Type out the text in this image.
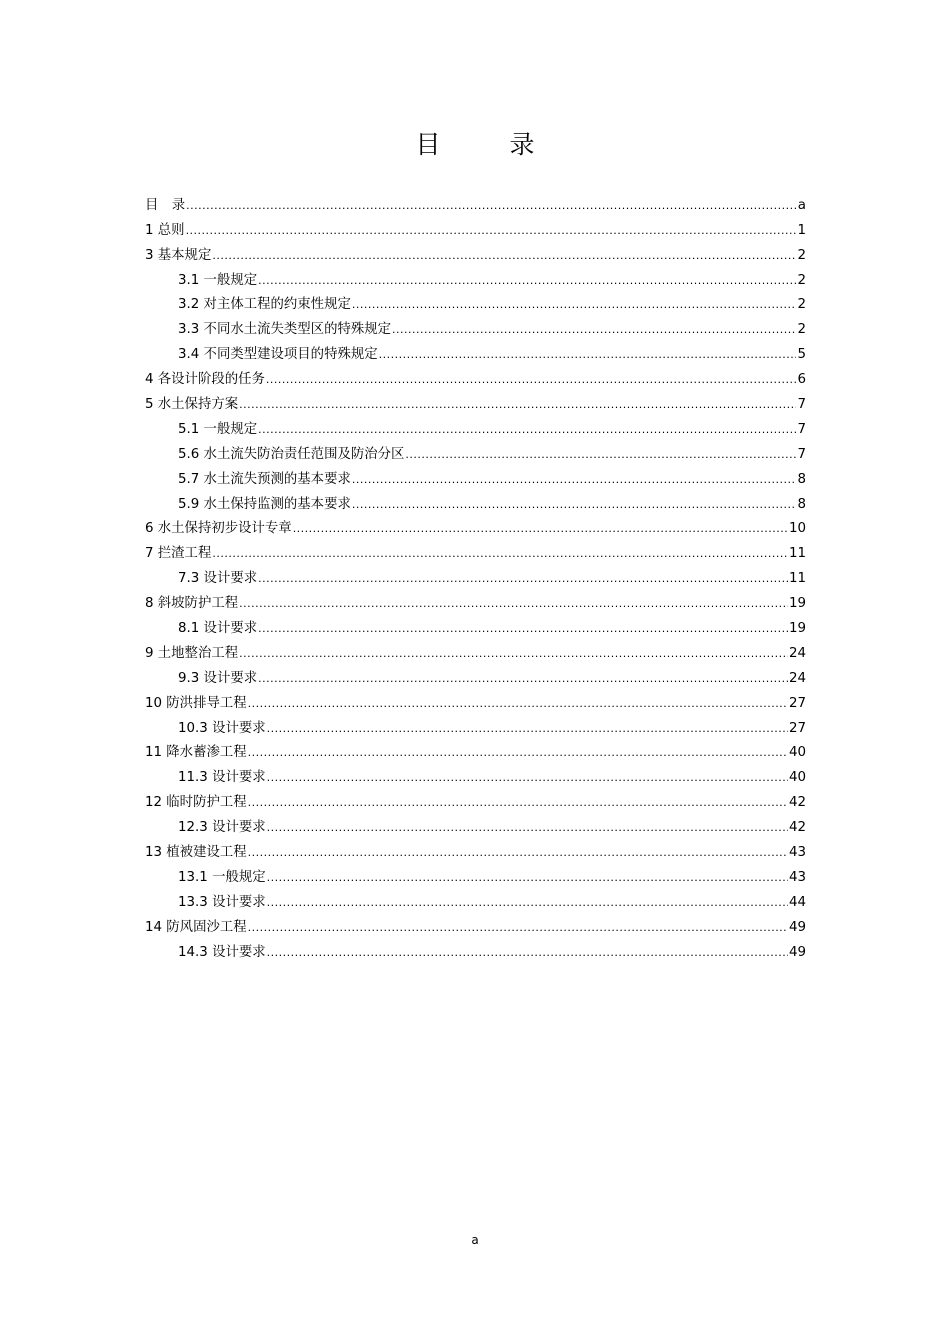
目　录
目　录 .....	a
1 总则 .....	1
3 基本规定 .....	2
3.1 一般规定 .....	2
3.2 对主体工程的约束性规定 .....	2
3.3 不同水土流失类型区的特殊规定 .....	2
3.4 不同类型建设项目的特殊规定 .....	5
4 各设计阶段的任务 .....	6
5 水土保持方案 .....	7
5.1 一般规定 .....	7
5.6 水土流失防治责任范围及防治分区 .....	7
5.7 水土流失预测的基本要求 .....	8
5.9 水土保持监测的基本要求 .....	8
6 水土保持初步设计专章 .....	10
7 拦渣工程 .....	11
7.3 设计要求 .....	11
8 斜坡防护工程 .....	19
8.1 设计要求 .....	19
9 土地整治工程 .....	24
9.3 设计要求 .....	24
10 防洪排导工程 .....	27
10.3 设计要求 .....	27
11 降水蓄渗工程 .....	40
11.3 设计要求 .....	40
12 临时防护工程 .....	42
12.3 设计要求 .....	42
13 植被建设工程 .....	43
13.1 一般规定 .....	43
13.3 设计要求 .....	44
14 防风固沙工程 .....	49
14.3 设计要求 .....	49
a
